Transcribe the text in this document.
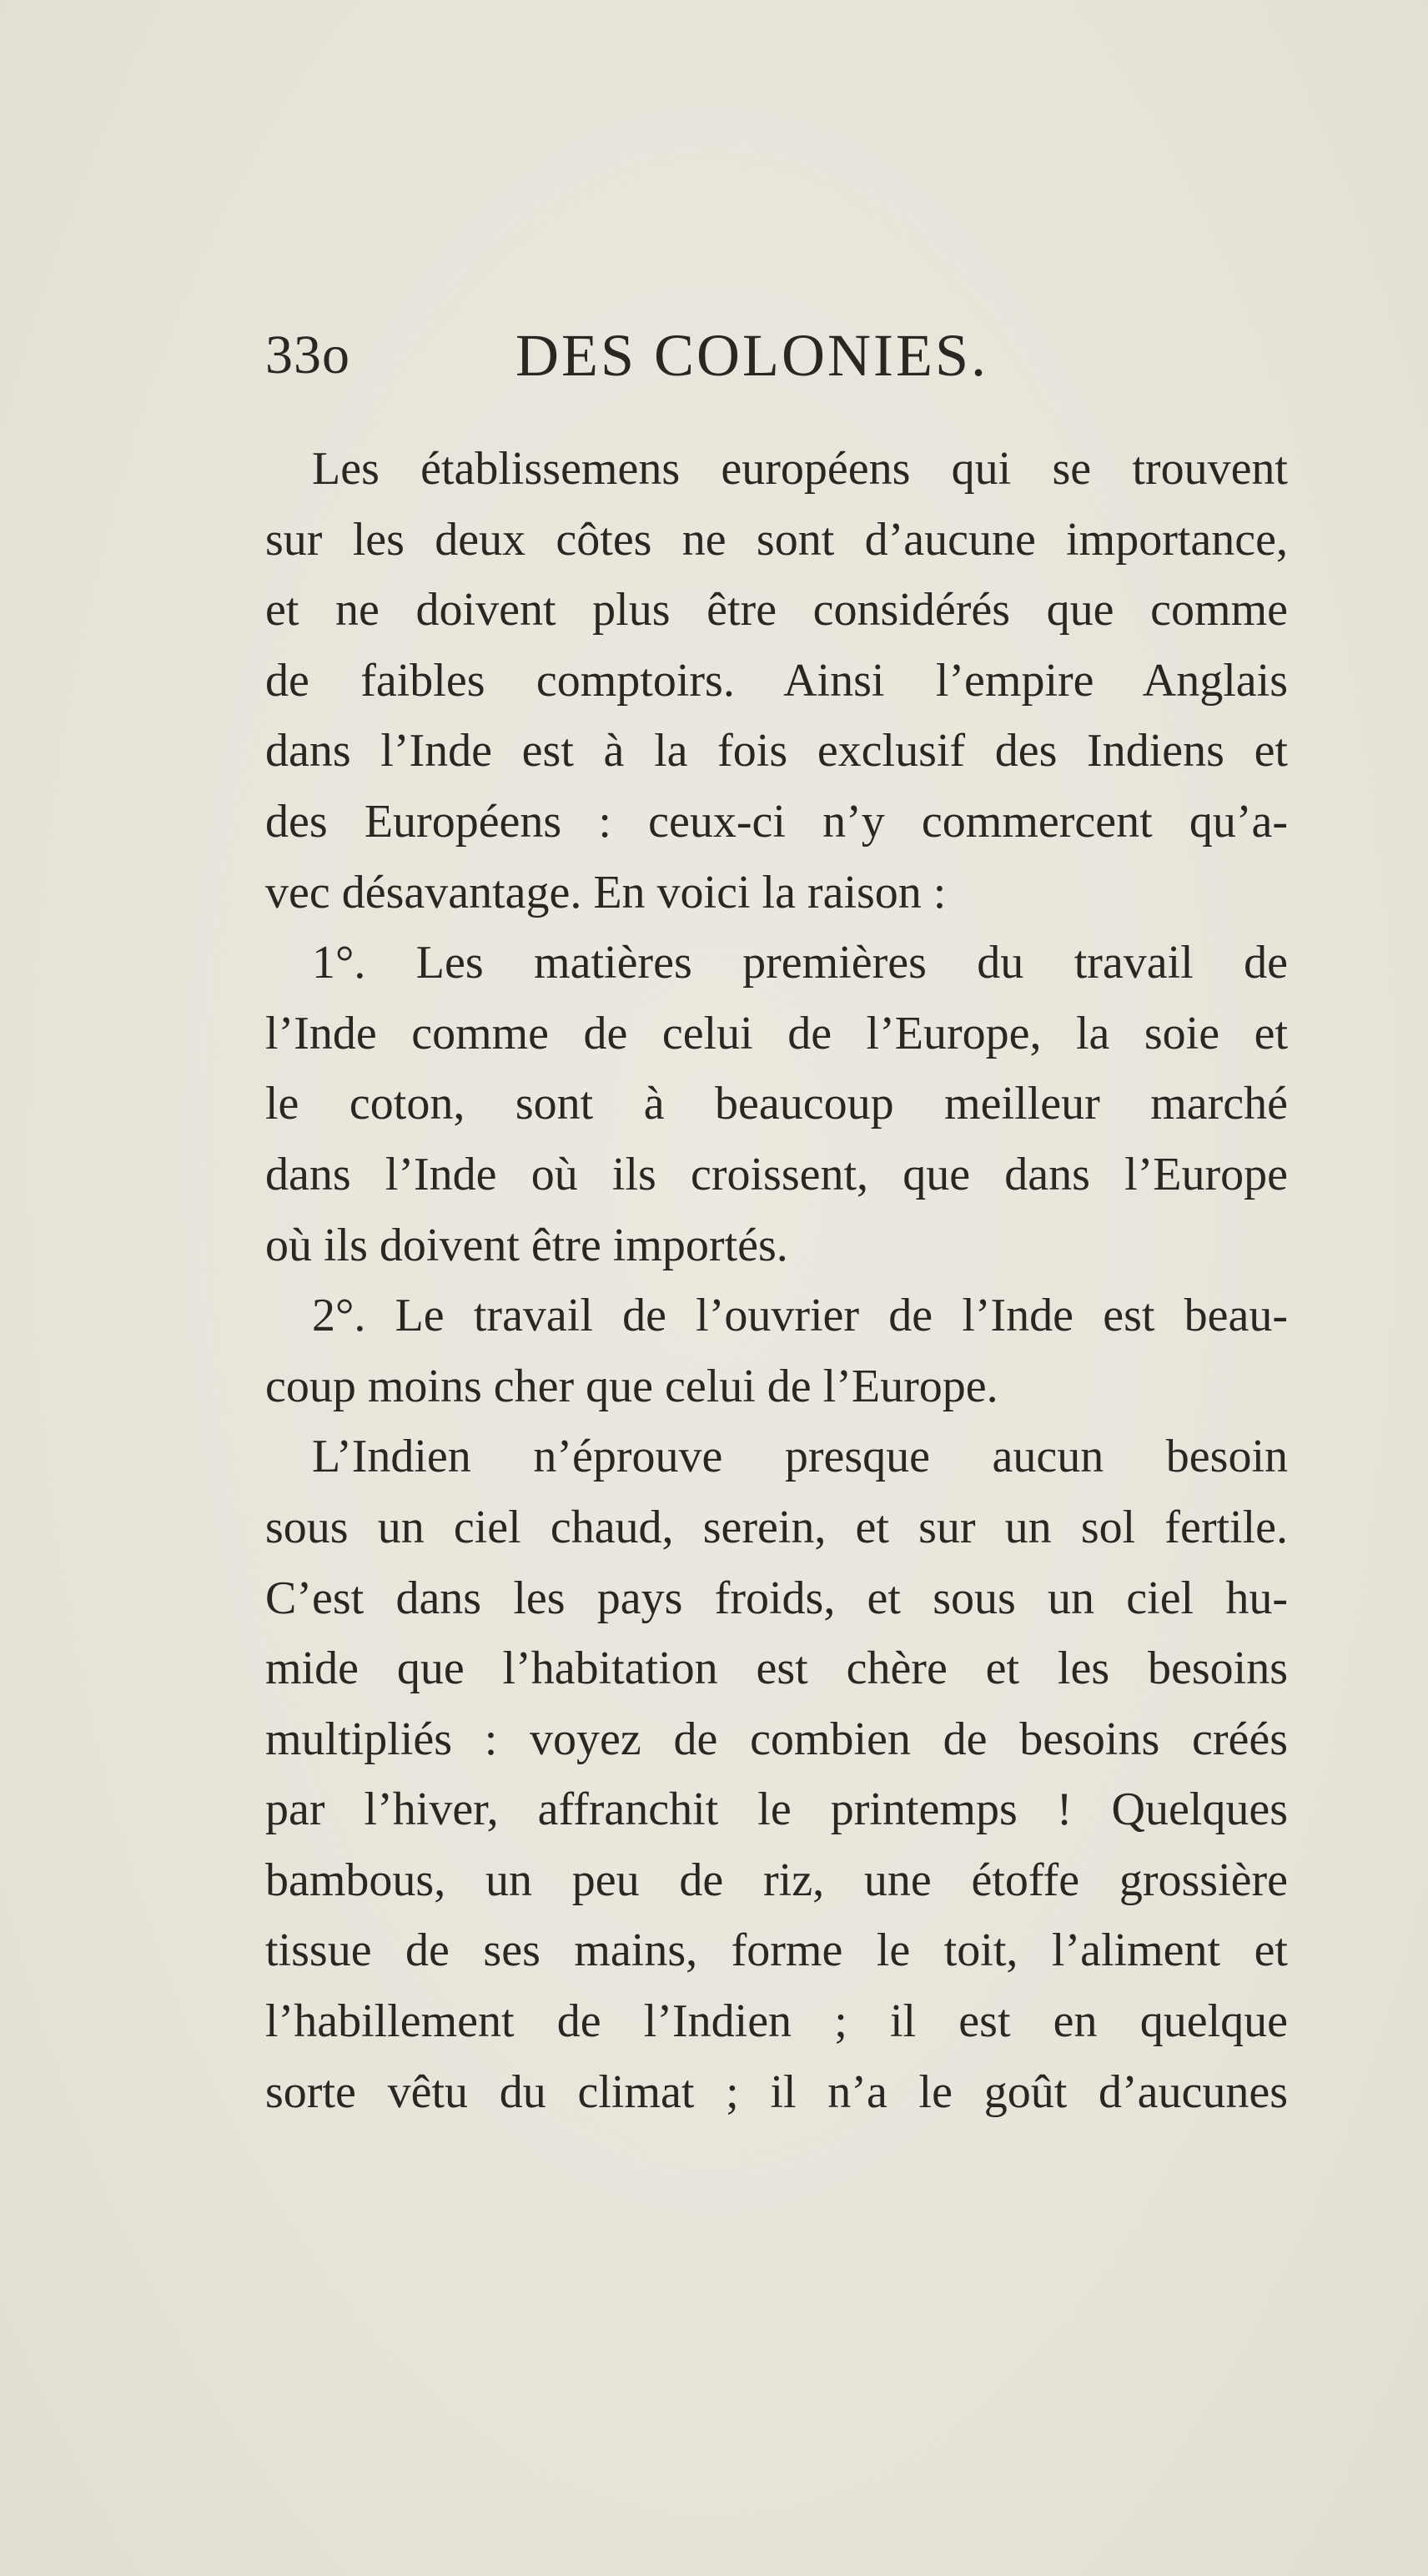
33o	DES COLONIES.
Les établissemens européens qui se trouvent
sur les deux côtes ne sont d’aucune importance,
et ne doivent plus être considérés que comme
de faibles comptoirs. Ainsi l’empire Anglais
dans l’Inde est à la fois exclusif des Indiens et
des Européens : ceux-ci n’y commercent qu’a-
vec désavantage. En voici la raison :
1°. Les matières premières du travail de
l’Inde comme de celui de l’Europe, la soie et
le coton, sont à beaucoup meilleur marché
dans l’Inde où ils croissent, que dans l’Europe
où ils doivent être importés.
2°. Le travail de l’ouvrier de l’Inde est beau-
coup moins cher que celui de l’Europe.
L’Indien n’éprouve presque aucun besoin
sous un ciel chaud, serein, et sur un sol fertile.
C’est dans les pays froids, et sous un ciel hu-
mide que l’habitation est chère et les besoins
multipliés : voyez de combien de besoins créés
par l’hiver, affranchit le printemps ! Quelques
bambous, un peu de riz, une étoffe grossière
tissue de ses mains, forme le toit, l’aliment et
l’habillement de l’Indien ; il est en quelque
sorte vêtu du climat ; il n’a le goût d’aucunes
